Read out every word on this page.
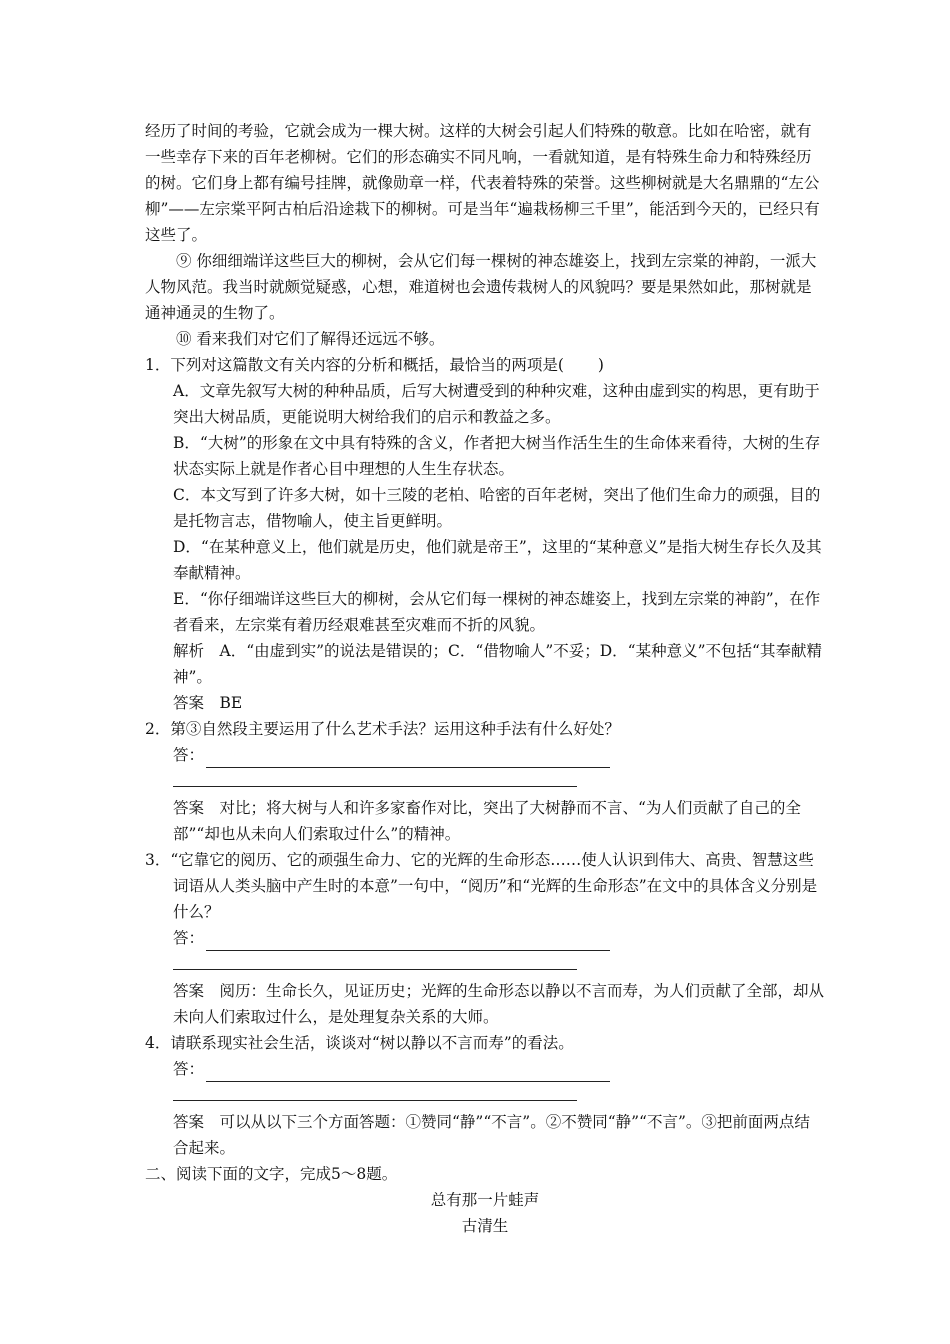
经历了时间的考验，它就会成为一棵大树。这样的大树会引起人们特殊的敬意。比如在哈密，就有一些幸存下来的百年老柳树。它们的形态确实不同凡响，一看就知道，是有特殊生命力和特殊经历的树。它们身上都有编号挂牌，就像勋章一样，代表着特殊的荣誉。这些柳树就是大名鼎鼎的“左公柳”——左宗棠平阿古柏后沿途栽下的柳树。可是当年“遍栽杨柳三千里”，能活到今天的，已经只有这些了。

⑨ 你细细端详这些巨大的柳树，会从它们每一棵树的神态雄姿上，找到左宗棠的神韵，一派大人物风范。我当时就颇觉疑惑，心想，难道树也会遗传栽树人的风貌吗？要是果然如此，那树就是通神通灵的生物了。

⑩ 看来我们对它们了解得还远远不够。

1．下列对这篇散文有关内容的分析和概括，最恰当的两项是( )

A．文章先叙写大树的种种品质，后写大树遭受到的种种灾难，这种由虚到实的构思，更有助于突出大树品质，更能说明大树给我们的启示和教益之多。

B．“大树”的形象在文中具有特殊的含义，作者把大树当作活生生的生命体来看待，大树的生存状态实际上就是作者心目中理想的人生生存状态。

C．本文写到了许多大树，如十三陵的老柏、哈密的百年老树，突出了他们生命力的顽强，目的是托物言志，借物喻人，使主旨更鲜明。

D．“在某种意义上，他们就是历史，他们就是帝王”，这里的“某种意义”是指大树生存长久及其奉献精神。

E．“你仔细端详这些巨大的柳树，会从它们每一棵树的神态雄姿上，找到左宗棠的神韵”，在作者看来，左宗棠有着历经艰难甚至灾难而不折的风貌。

解析　A．“由虚到实”的说法是错误的；C．“借物喻人”不妥；D．“某种意义”不包括“其奉献精神”。

答案　BE

2．第③自然段主要运用了什么艺术手法？运用这种手法有什么好处？

答：

答案　对比；将大树与人和许多家畜作对比，突出了大树静而不言、“为人们贡献了自己的全部”“却也从未向人们索取过什么”的精神。

3．“它靠它的阅历、它的顽强生命力、它的光辉的生命形态……使人认识到伟大、高贵、智慧这些词语从人类头脑中产生时的本意”一句中，“阅历”和“光辉的生命形态”在文中的具体含义分别是什么？

答：

答案　阅历：生命长久，见证历史；光辉的生命形态以静以不言而寿，为人们贡献了全部，却从未向人们索取过什么，是处理复杂关系的大师。

4．请联系现实社会生活，谈谈对“树以静以不言而寿”的看法。

答：

答案　可以从以下三个方面答题：①赞同“静”“不言”。②不赞同“静”“不言”。③把前面两点结合起来。

二、阅读下面的文字，完成5～8题。

总有那一片蛙声

古清生
